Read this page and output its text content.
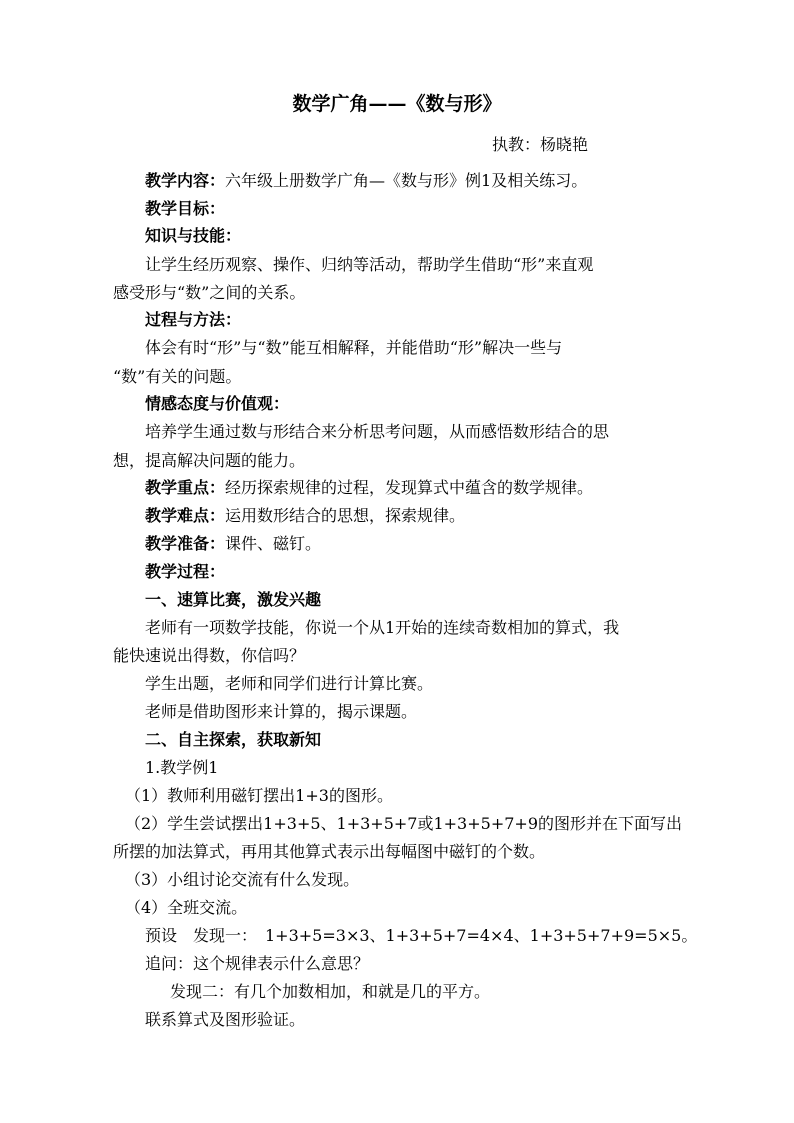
数学广角——《数与形》
执教：杨晓艳
教学内容：六年级上册数学广角—《数与形》例1及相关练习。
教学目标：
知识与技能：
让学生经历观察、操作、归纳等活动，帮助学生借助“形”来直观
感受形与“数”之间的关系。
过程与方法：
体会有时“形”与“数”能互相解释，并能借助“形”解决一些与
“数”有关的问题。
情感态度与价值观：
培养学生通过数与形结合来分析思考问题，从而感悟数形结合的思
想，提高解决问题的能力。
教学重点：经历探索规律的过程，发现算式中蕴含的数学规律。
教学难点：运用数形结合的思想，探索规律。
教学准备：课件、磁钉。
教学过程：
一、速算比赛，激发兴趣
老师有一项数学技能，你说一个从1开始的连续奇数相加的算式，我
能快速说出得数，你信吗？
学生出题，老师和同学们进行计算比赛。
老师是借助图形来计算的，揭示课题。
二、自主探索，获取新知
1.教学例1
（1）教师利用磁钉摆出1+3的图形。
（2）学生尝试摆出1+3+5、1+3+5+7或1+3+5+7+9的图形并在下面写出
所摆的加法算式，再用其他算式表示出每幅图中磁钉的个数。
（3）小组讨论交流有什么发现。
（4）全班交流。
预设　发现一：　1+3+5=3×3、1+3+5+7=4×4、1+3+5+7+9=5×5。
追问：这个规律表示什么意思？
发现二：有几个加数相加，和就是几的平方。
联系算式及图形验证。
